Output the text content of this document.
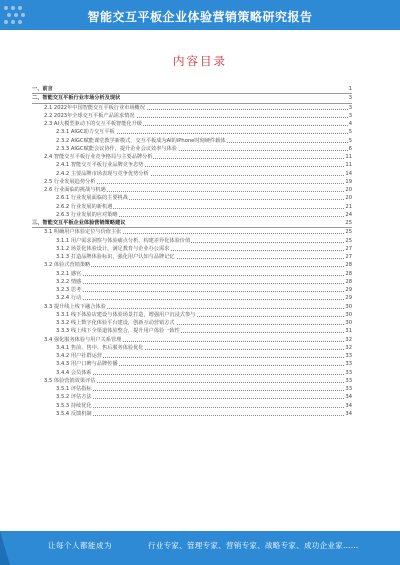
智能交互平板企业体验营销策略研究报告
内容目录
一、前言	1
二、智能交互平板行业市场分析及现状	3
2.1 2022年中国智能交互平板行业市场概况	3
2.2 2023年全球交互平板产品需求情况	3
2.3 AI大模型驱动下的交互平板智能化升级	4
2.3.1 AIGC助力交互平板	5
2.3.2 AIGC赋能课堂教学新模式，交互平板成为AI的iPhone时刻硬件载体	5
2.3.3 AIGC赋能会议协作，提升企业会议效率与体验	6
2.4 智能交互平板行业竞争格局与主要品牌分析	11
2.4.1 智能交互平板行业品牌竞争态势	11
2.4.2 主要品牌市场表现与竞争优势分析	14
2.5 行业发展趋势分析	19
2.6 行业面临的挑战与机遇	20
2.6.1 行业发展面临的主要挑战	20
2.6.2 行业发展的新机遇	21
2.6.3 行业发展的应对策略	24
三、智能交互平板企业体验营销策略建议	25
3.1 明确用户体验定位与价值主张	25
3.1.1 用户需求洞察与体验痛点分析，构建差异化体验价值	25
3.1.2 场景化体验设计，满足教育与企业办公需求	27
3.1.3 打造品牌体验标识，强化用户认知与品牌记忆	27
3.2 体验式营销策略	28
3.2.1 感官	28
3.2.2 情感	28
3.2.3 思考	29
3.2.4 行动	29
3.3 提升线上线下融合体验	30
3.3.1 线下体验店建设与体验场景打造，增强用户沉浸式参与	30
3.3.2 线上数字化体验平台建设，创新互动营销方式	30
3.3.3 线上线下全渠道体验整合，提升用户体验一致性	31
3.4 强化服务体验与用户关系管理	32
3.4.1 售前、售中、售后服务体验优化	32
3.4.2 用户社群运营	33
3.4.3 用户口碑与品牌传播	33
3.4.4 会员体系	33
3.5 体验营销效果评估	33
3.5.1 评估指标	33
3.5.2 评估方法	34
3.5.3 持续优化	34
3.5.4 反馈机制	34
让每个人都能成为	行业专家、管理专家、营销专家、战略专家、成功企业家……
